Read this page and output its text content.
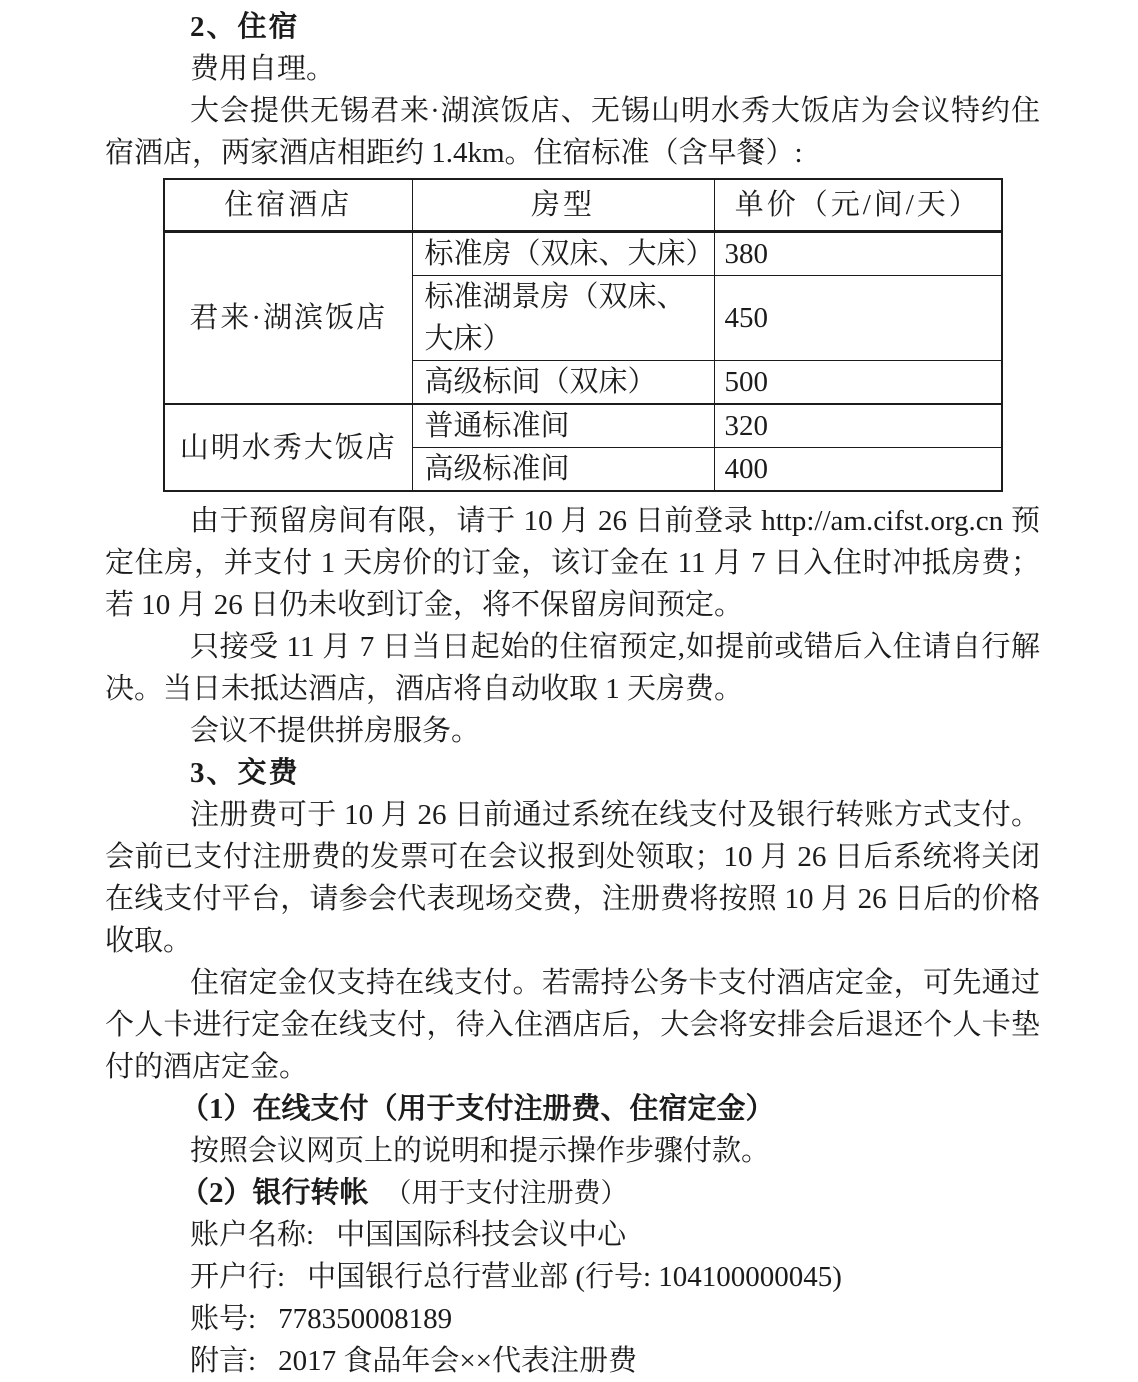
2、住宿

费用自理。

大会提供无锡君来·湖滨饭店、无锡山明水秀大饭店为会议特约住宿酒店，两家酒店相距约 1.4km。住宿标准（含早餐）:

住宿酒店	房型	单价（元/间/天）
君来·湖滨饭店	标准房（双床、大床）	380
	标准湖景房（双床、大床）	450
	高级标间（双床）	500
山明水秀大饭店	普通标准间	320
	高级标准间	400

由于预留房间有限，请于 10 月 26 日前登录 http://am.cifst.org.cn 预定住房，并支付 1 天房价的订金，该订金在 11 月 7 日入住时冲抵房费；若 10 月 26 日仍未收到订金，将不保留房间预定。

只接受 11 月 7 日当日起始的住宿预定,如提前或错后入住请自行解决。当日未抵达酒店，酒店将自动收取 1 天房费。

会议不提供拼房服务。

3、交费

注册费可于 10 月 26 日前通过系统在线支付及银行转账方式支付。会前已支付注册费的发票可在会议报到处领取；10 月 26 日后系统将关闭在线支付平台，请参会代表现场交费，注册费将按照 10 月 26 日后的价格收取。

住宿定金仅支持在线支付。若需持公务卡支付酒店定金，可先通过个人卡进行定金在线支付，待入住酒店后，大会将安排会后退还个人卡垫付的酒店定金。

（1）在线支付（用于支付注册费、住宿定金）

按照会议网页上的说明和提示操作步骤付款。

（2）银行转帐 （用于支付注册费）

账户名称: 中国国际科技会议中心

开户行: 中国银行总行营业部 (行号: 104100000045)

账号: 778350008189

附言: 2017 食品年会××代表注册费
